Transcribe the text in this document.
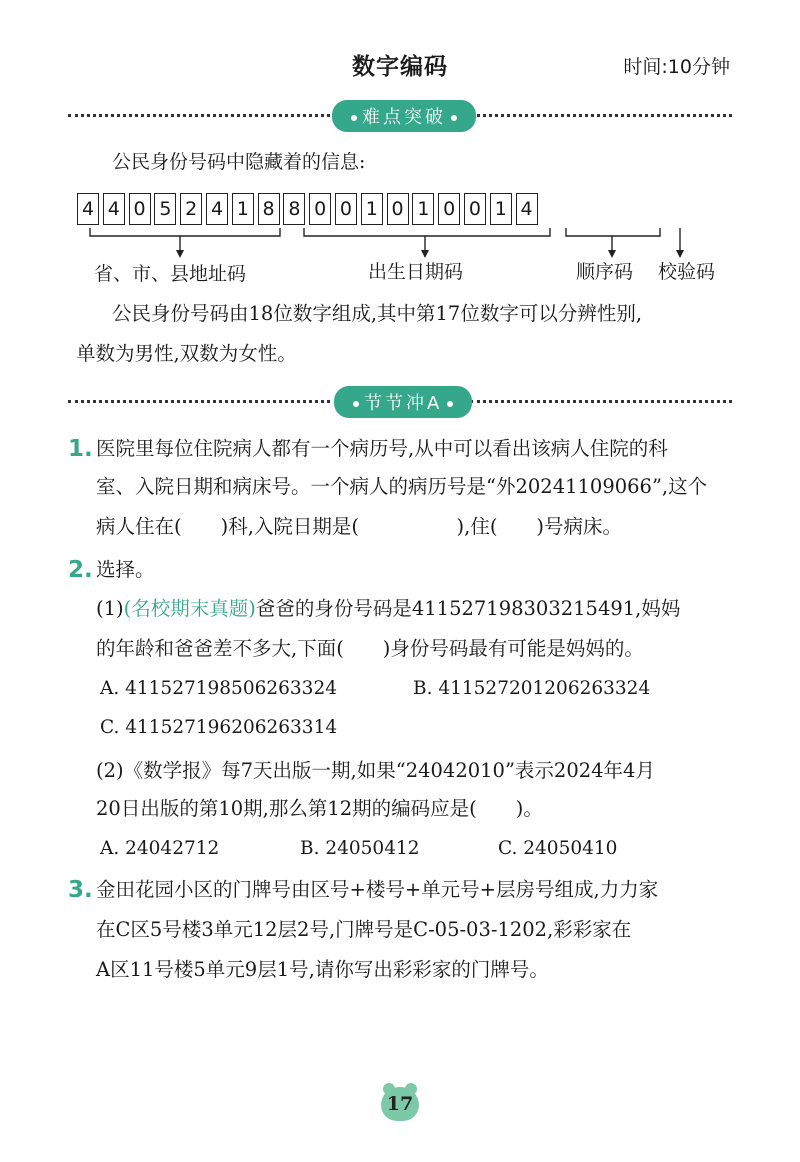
数字编码	时间:10分钟
难点突破
公民身份号码中隐藏着的信息:
4 4 0 5 2 4 1 8 8 0 0 1 0 1 0 0 1 4
省、市、县地址码	出生日期码	顺序码 校验码
公民身份号码由18位数字组成,其中第17位数字可以分辨性别,
单数为男性,双数为女性。
节节冲A
1. 医院里每位住院病人都有一个病历号,从中可以看出该病人住院的科
室、入院日期和病床号。一个病人的病历号是“外20241109066”,这个
病人住在(　　)科,入院日期是(　　　　　),住(　　)号病床。
2. 选择。
(1)(名校期末真题)爸爸的身份号码是411527198303215491,妈妈
的年龄和爸爸差不多大,下面(　　)身份号码最有可能是妈妈的。
A. 411527198506263324	B. 411527201206263324
C. 411527196206263314
(2)《数学报》每7天出版一期,如果“24042010”表示2024年4月
20日出版的第10期,那么第12期的编码应是(　　)。
A. 24042712	B. 24050412	C. 24050410
3. 金田花园小区的门牌号由区号+楼号+单元号+层房号组成,力力家
在C区5号楼3单元12层2号,门牌号是C-05-03-1202,彩彩家在
A区11号楼5单元9层1号,请你写出彩彩家的门牌号。
17
